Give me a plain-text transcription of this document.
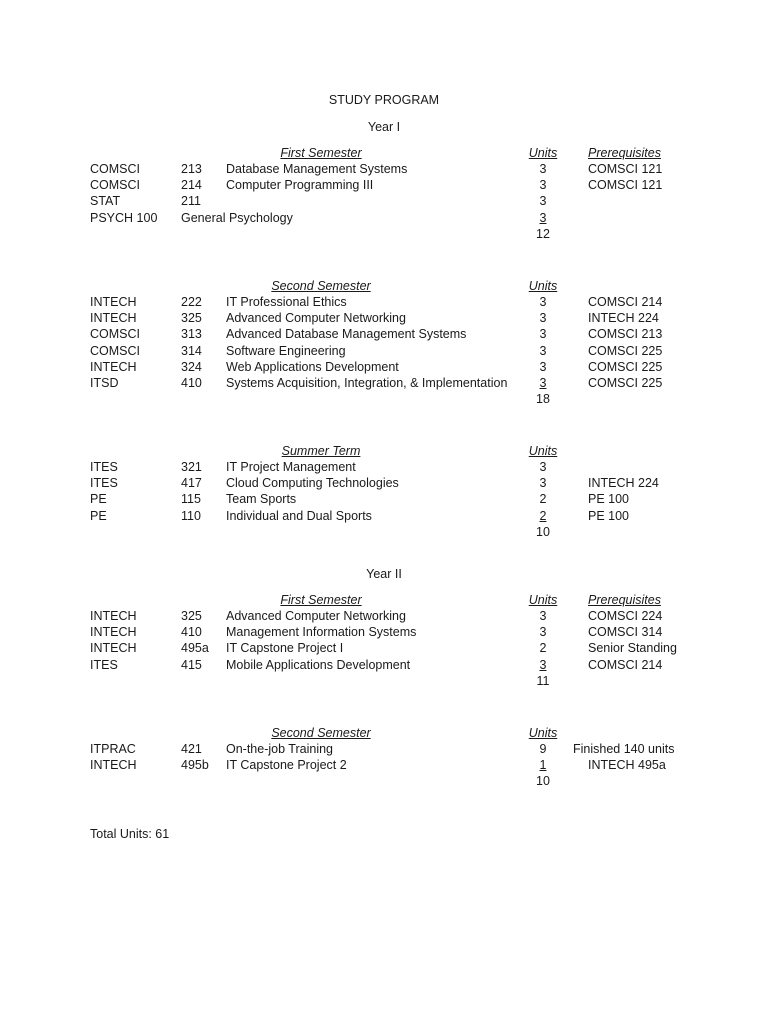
STUDY PROGRAM
Year I
First Semester	Units Prerequisites
COMSCI	213 Database Management Systems	3	COMSCI 121
COMSCI	214 Computer Programming III	3	COMSCI 121
STAT	211	3
PSYCH 100 General Psychology	3
12
Second Semester	Units
INTECH	222 IT Professional Ethics	3	COMSCI 214
INTECH	325 Advanced Computer Networking	3	INTECH 224
COMSCI	313 Advanced Database Management Systems	3	COMSCI 213
COMSCI	314 Software Engineering	3	COMSCI 225
INTECH	324 Web Applications Development	3	COMSCI 225
ITSD	410 Systems Acquisition, Integration, & Implementation	3	COMSCI 225
18
Summer Term	Units
ITES	321 IT Project Management	3
ITES	417 Cloud Computing Technologies	3	INTECH 224
PE	115 Team Sports	2	PE 100
PE	110 Individual and Dual Sports	2	PE 100
10
Year II
First Semester	Units Prerequisites
INTECH	325 Advanced Computer Networking	3	COMSCI 224
INTECH	410 Management Information Systems	3	COMSCI 314
INTECH	495a IT Capstone Project I	2	Senior Standing
ITES	415 Mobile Applications Development	3	COMSCI 214
11
Second Semester	Units
ITPRAC	421 On-the-job Training	9	Finished 140 units
INTECH	495b IT Capstone Project 2	1	INTECH 495a
10
Total Units: 61
